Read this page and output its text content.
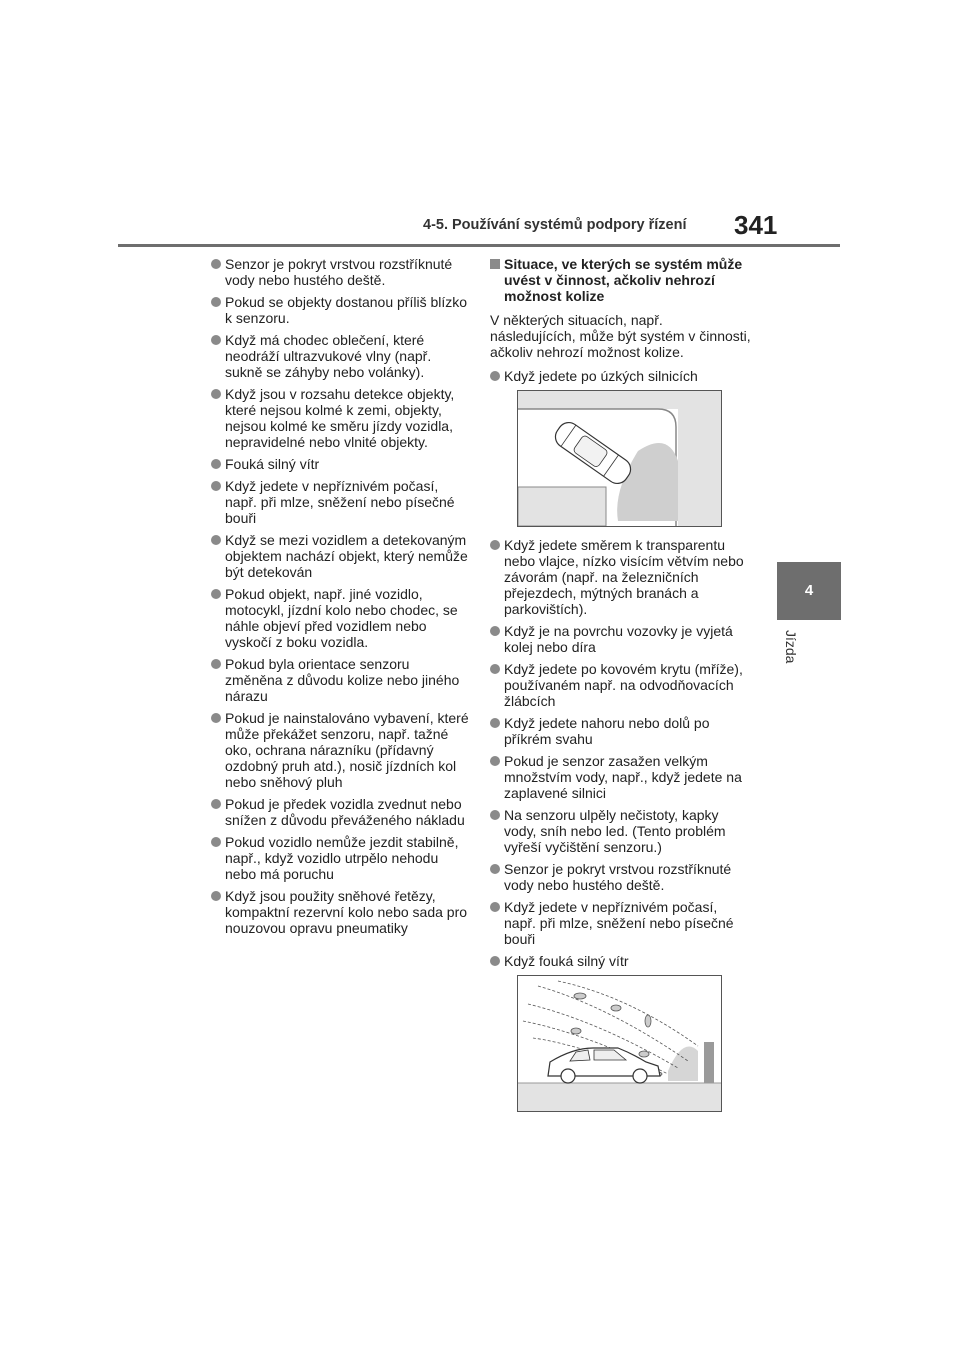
4-5. Používání systémů podpory řízení 341
4
Jízda
Senzor je pokryt vrstvou rozstříknuté vody nebo hustého deště.
Pokud se objekty dostanou příliš blízko k senzoru.
Když má chodec oblečení, které neodráží ultrazvukové vlny (např. sukně se záhyby nebo volánky).
Když jsou v rozsahu detekce objekty, které nejsou kolmé k zemi, objekty, nejsou kolmé ke směru jízdy vozidla, nepravidelné nebo vlnité objekty.
Fouká silný vítr
Když jedete v nepříznivém počasí, např. při mlze, sněžení nebo písečné bouři
Když se mezi vozidlem a detekovaným objektem nachází objekt, který nemůže být detekován
Pokud objekt, např. jiné vozidlo, motocykl, jízdní kolo nebo chodec, se náhle objeví před vozidlem nebo vyskočí z boku vozidla.
Pokud byla orientace senzoru změněna z důvodu kolize nebo jiného nárazu
Pokud je nainstalováno vybavení, které může překážet senzoru, např. tažné oko, ochrana nárazníku (přídavný ozdobný pruh atd.), nosič jízdních kol nebo sněhový pluh
Pokud je předek vozidla zvednut nebo snížen z důvodu převáženého nákladu
Pokud vozidlo nemůže jezdit stabilně, např., když vozidlo utrpělo nehodu nebo má poruchu
Když jsou použity sněhové řetězy, kompaktní rezervní kolo nebo sada pro nouzovou opravu pneumatiky
Situace, ve kterých se systém může uvést v činnost, ačkoliv nehrozí možnost kolize
V některých situacích, např. následujících, může být systém v činnosti, ačkoliv nehrozí možnost kolize.
Když jedete po úzkých silnicích
Když jedete směrem k transparentu nebo vlajce, nízko visícím větvím nebo závorám (např. na železničních přejezdech, mýtných branách a parkovištích).
Když je na povrchu vozovky je vyjetá kolej nebo díra
Když jedete po kovovém krytu (mříže), používaném např. na odvodňovacích žlábcích
Když jedete nahoru nebo dolů po příkrém svahu
Pokud je senzor zasažen velkým množstvím vody, např., když jedete na zaplavené silnici
Na senzoru ulpěly nečistoty, kapky vody, sníh nebo led. (Tento problém vyřeší vyčištění senzoru.)
Senzor je pokryt vrstvou rozstříknuté vody nebo hustého deště.
Když jedete v nepříznivém počasí, např. při mlze, sněžení nebo písečné bouři
Když fouká silný vítr
